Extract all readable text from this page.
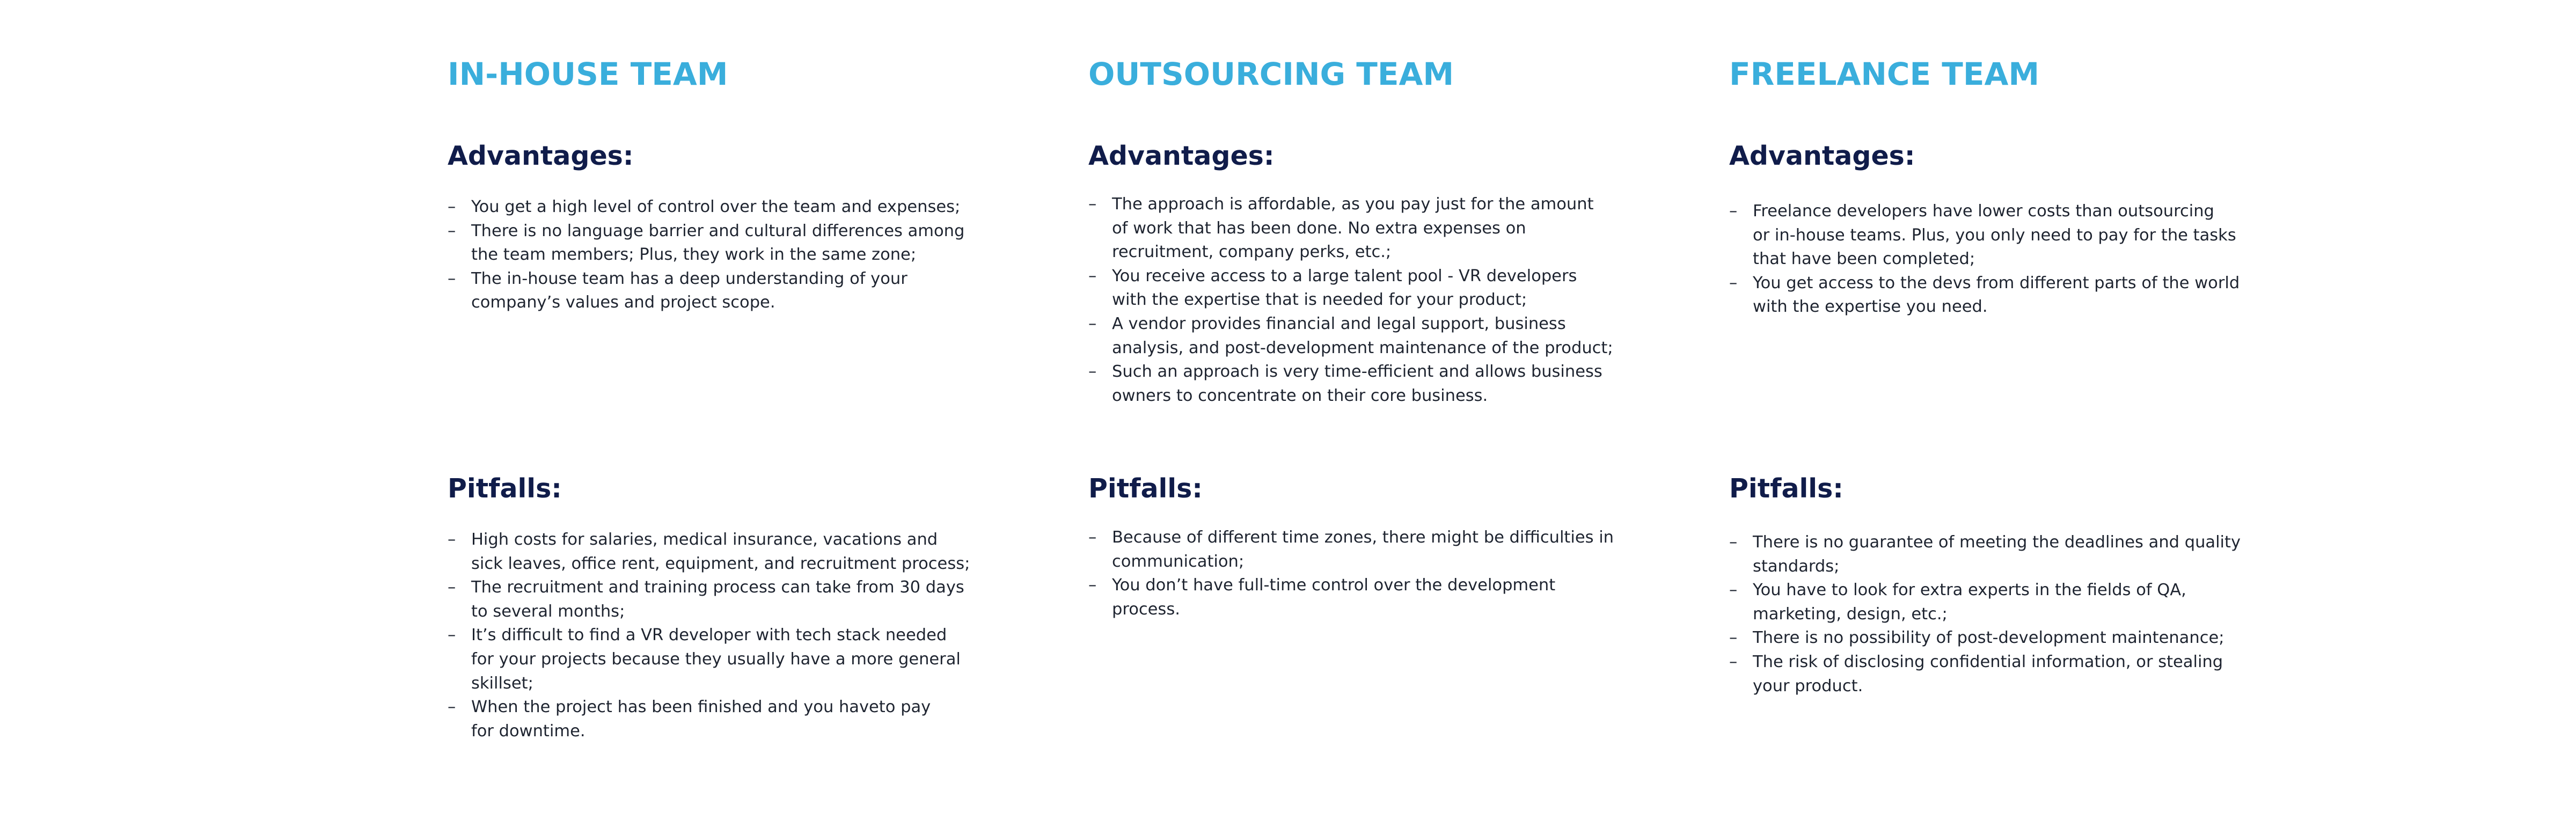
IN-HOUSE TEAM
Advantages:
– You get a high level of control over the team and expenses;
– There is no language barrier and cultural differences among
the team members; Plus, they work in the same zone;
– The in-house team has a deep understanding of your
company’s values and project scope.
Pitfalls:
– High costs for salaries, medical insurance, vacations and
sick leaves, office rent, equipment, and recruitment process;
– The recruitment and training process can take from 30 days
to several months;
– It’s difficult to find a VR developer with tech stack needed
for your projects because they usually have a more general
skillset;
– When the project has been finished and you haveto pay
for downtime.
OUTSOURCING TEAM
Advantages:
– The approach is affordable, as you pay just for the amount
of work that has been done. No extra expenses on
recruitment, company perks, etc.;
– You receive access to a large talent pool - VR developers
with the expertise that is needed for your product;
– A vendor provides financial and legal support, business
analysis, and post-development maintenance of the product;
– Such an approach is very time-efficient and allows business
owners to concentrate on their core business.
Pitfalls:
– Because of different time zones, there might be difficulties in
communication;
– You don’t have full-time control over the development process.
FREELANCE TEAM
Advantages:
– Freelance developers have lower costs than outsourcing
or in-house teams. Plus, you only need to pay for the tasks
that have been completed;
– You get access to the devs from different parts of the world
with the expertise you need.
Pitfalls:
– There is no guarantee of meeting the deadlines and quality
standards;
– You have to look for extra experts in the fields of QA,
marketing, design, etc.;
– There is no possibility of post-development maintenance;
– The risk of disclosing confidential information, or stealing
your product.
